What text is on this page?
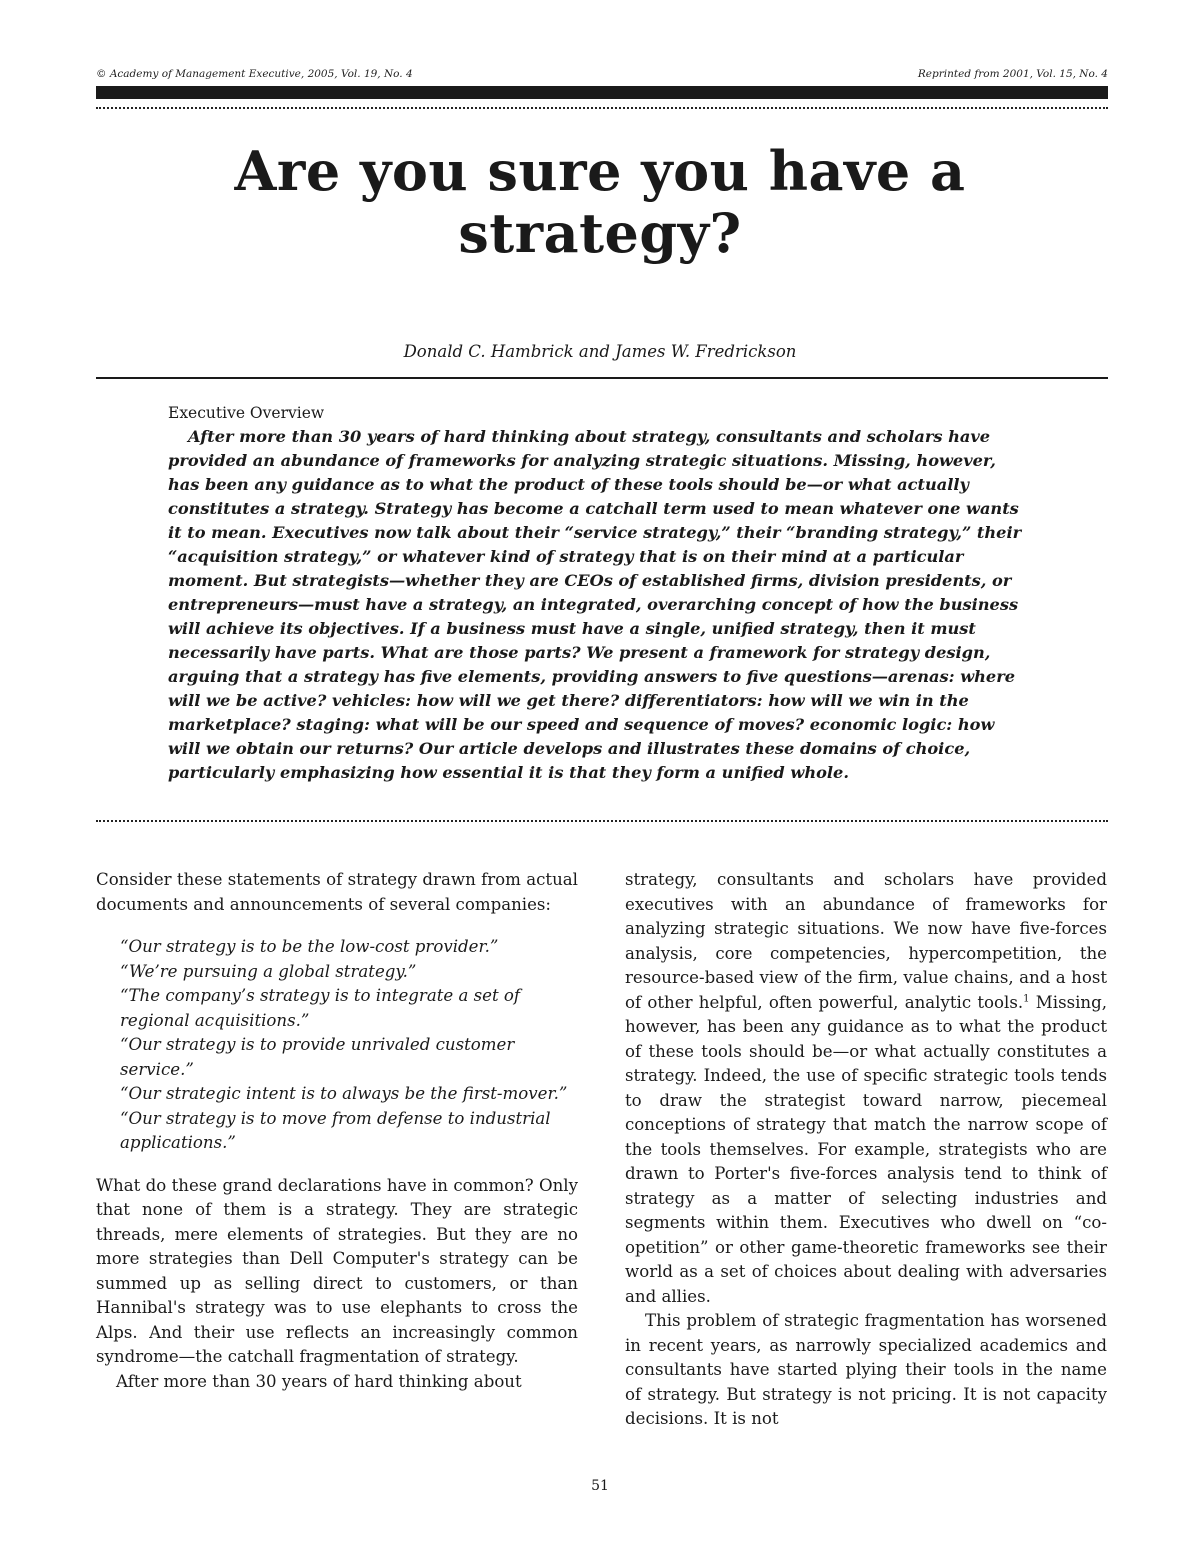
© Academy of Management Executive, 2005, Vol. 19, No. 4	Reprinted from 2001, Vol. 15, No. 4
Are you sure you have a strategy?
Donald C. Hambrick and James W. Fredrickson
Executive Overview

After more than 30 years of hard thinking about strategy, consultants and scholars have provided an abundance of frameworks for analyzing strategic situations. Missing, however, has been any guidance as to what the product of these tools should be—or what actually constitutes a strategy. Strategy has become a catchall term used to mean whatever one wants it to mean. Executives now talk about their “service strategy,” their “branding strategy,” their “acquisition strategy,” or whatever kind of strategy that is on their mind at a particular moment. But strategists—whether they are CEOs of established firms, division presidents, or entrepreneurs—must have a strategy, an integrated, overarching concept of how the business will achieve its objectives. If a business must have a single, unified strategy, then it must necessarily have parts. What are those parts? We present a framework for strategy design, arguing that a strategy has five elements, providing answers to five questions—arenas: where will we be active? vehicles: how will we get there? differentiators: how will we win in the marketplace? staging: what will be our speed and sequence of moves? economic logic: how will we obtain our returns? Our article develops and illustrates these domains of choice, particularly emphasizing how essential it is that they form a unified whole.

Consider these statements of strategy drawn from actual documents and announcements of several companies:

“Our strategy is to be the low-cost provider.”
“We’re pursuing a global strategy.”
“The company’s strategy is to integrate a set of regional acquisitions.”
“Our strategy is to provide unrivaled customer service.”
“Our strategic intent is to always be the first-mover.”
“Our strategy is to move from defense to industrial applications.”

What do these grand declarations have in common? Only that none of them is a strategy. They are strategic threads, mere elements of strategies. But they are no more strategies than Dell Computer's strategy can be summed up as selling direct to customers, or than Hannibal's strategy was to use elephants to cross the Alps. And their use reflects an increasingly common syndrome—the catchall fragmentation of strategy.

After more than 30 years of hard thinking about

strategy, consultants and scholars have provided executives with an abundance of frameworks for analyzing strategic situations. We now have five-forces analysis, core competencies, hypercompetition, the resource-based view of the firm, value chains, and a host of other helpful, often powerful, analytic tools.$^1$ Missing, however, has been any guidance as to what the product of these tools should be—or what actually constitutes a strategy. Indeed, the use of specific strategic tools tends to draw the strategist toward narrow, piecemeal conceptions of strategy that match the narrow scope of the tools themselves. For example, strategists who are drawn to Porter's five-forces analysis tend to think of strategy as a matter of selecting industries and segments within them. Executives who dwell on “co-opetition” or other game-theoretic frameworks see their world as a set of choices about dealing with adversaries and allies.

This problem of strategic fragmentation has worsened in recent years, as narrowly specialized academics and consultants have started plying their tools in the name of strategy. But strategy is not pricing. It is not capacity decisions. It is not

51
